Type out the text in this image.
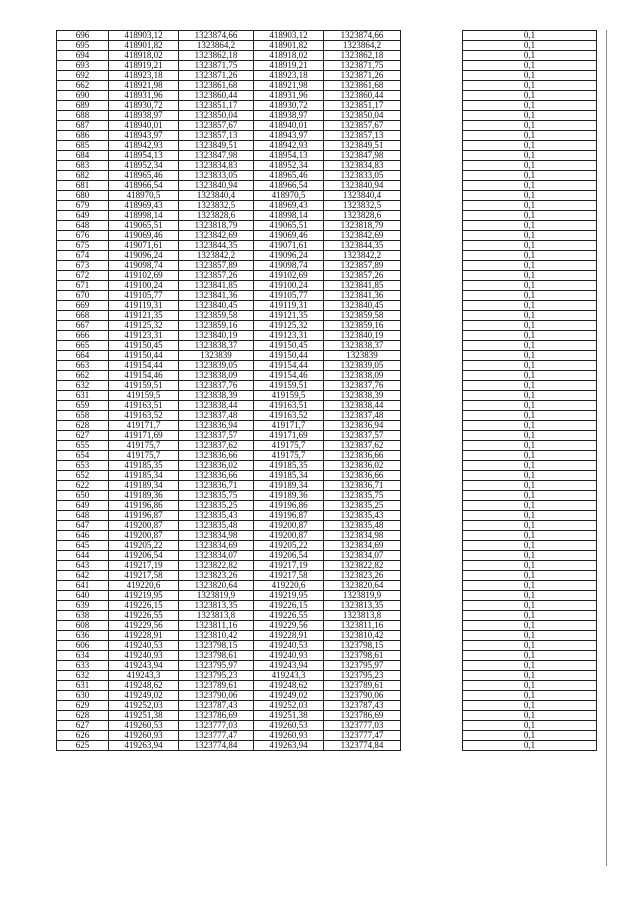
696	418903,12	1323874,66	418903,12	1323874,66		0,1
695	418901,82	1323864,2	418901,82	1323864,2		0,1
694	418918,02	1323862,18	418918,02	1323862,18		0,1
693	418919,21	1323871,75	418919,21	1323871,75		0,1
692	418923,18	1323871,26	418923,18	1323871,26		0,1
662	418921,98	1323861,68	418921,98	1323861,68		0,1
690	418931,96	1323860,44	418931,96	1323860,44		0,1
689	418930,72	1323851,17	418930,72	1323851,17		0,1
688	418938,97	1323850,04	418938,97	1323850,04		0,1
687	418940,01	1323857,67	418940,01	1323857,67		0,1
686	418943,97	1323857,13	418943,97	1323857,13		0,1
685	418942,93	1323849,51	418942,93	1323849,51		0,1
684	418954,13	1323847,98	418954,13	1323847,98		0,1
683	418952,34	1323834,83	418952,34	1323834,83		0,1
682	418965,46	1323833,05	418965,46	1323833,05		0,1
681	418966,54	1323840,94	418966,54	1323840,94		0,1
680	418970,5	1323840,4	418970,5	1323840,4		0,1
679	418969,43	1323832,5	418969,43	1323832,5		0,1
649	418998,14	1323828,6	418998,14	1323828,6		0,1
648	419065,51	1323818,79	419065,51	1323818,79		0,1
676	419069,46	1323842,69	419069,46	1323842,69		0,1
675	419071,61	1323844,35	419071,61	1323844,35		0,1
674	419096,24	1323842,2	419096,24	1323842,2		0,1
673	419098,74	1323857,89	419098,74	1323857,89		0,1
672	419102,69	1323857,26	419102,69	1323857,26		0,1
671	419100,24	1323841,85	419100,24	1323841,85		0,1
670	419105,77	1323841,36	419105,77	1323841,36		0,1
669	419119,31	1323840,45	419119,31	1323840,45		0,1
668	419121,35	1323859,58	419121,35	1323859,58		0,1
667	419125,32	1323859,16	419125,32	1323859,16		0,1
666	419123,31	1323840,19	419123,31	1323840,19		0,1
665	419150,45	1323838,37	419150,45	1323838,37		0,1
664	419150,44	1323839	419150,44	1323839		0,1
663	419154,44	1323839,05	419154,44	1323839,05		0,1
662	419154,46	1323838,09	419154,46	1323838,09		0,1
632	419159,51	1323837,76	419159,51	1323837,76		0,1
631	419159,5	1323838,39	419159,5	1323838,39		0,1
659	419163,51	1323838,44	419163,51	1323838,44		0,1
658	419163,52	1323837,48	419163,52	1323837,48		0,1
628	419171,7	1323836,94	419171,7	1323836,94		0,1
627	419171,69	1323837,57	419171,69	1323837,57		0,1
655	419175,7	1323837,62	419175,7	1323837,62		0,1
654	419175,7	1323836,66	419175,7	1323836,66		0,1
653	419185,35	1323836,02	419185,35	1323836,02		0,1
652	419185,34	1323836,66	419185,34	1323836,66		0,1
622	419189,34	1323836,71	419189,34	1323836,71		0,1
650	419189,36	1323835,75	419189,36	1323835,75		0,1
649	419196,86	1323835,25	419196,86	1323835,25		0,1
648	419196,87	1323835,43	419196,87	1323835,43		0,1
647	419200,87	1323835,48	419200,87	1323835,48		0,1
646	419200,87	1323834,98	419200,87	1323834,98		0,1
645	419205,22	1323834,69	419205,22	1323834,69		0,1
644	419206,54	1323834,07	419206,54	1323834,07		0,1
643	419217,19	1323822,82	419217,19	1323822,82		0,1
642	419217,58	1323823,26	419217,58	1323823,26		0,1
641	419220,6	1323820,64	419220,6	1323820,64		0,1
640	419219,95	1323819,9	419219,95	1323819,9		0,1
639	419226,15	1323813,35	419226,15	1323813,35		0,1
638	419226,55	1323813,8	419226,55	1323813,8		0,1
608	419229,56	1323811,16	419229,56	1323811,16		0,1
636	419228,91	1323810,42	419228,91	1323810,42		0,1
606	419240,53	1323798,15	419240,53	1323798,15		0,1
634	419240,93	1323798,61	419240,93	1323798,61		0,1
633	419243,94	1323795,97	419243,94	1323795,97		0,1
632	419243,3	1323795,23	419243,3	1323795,23		0,1
631	419248,62	1323789,61	419248,62	1323789,61		0,1
630	419249,02	1323790,06	419249,02	1323790,06		0,1
629	419252,03	1323787,43	419252,03	1323787,43		0,1
628	419251,38	1323786,69	419251,38	1323786,69		0,1
627	419260,53	1323777,03	419260,53	1323777,03		0,1
626	419260,93	1323777,47	419260,93	1323777,47		0,1
625	419263,94	1323774,84	419263,94	1323774,84		0,1
